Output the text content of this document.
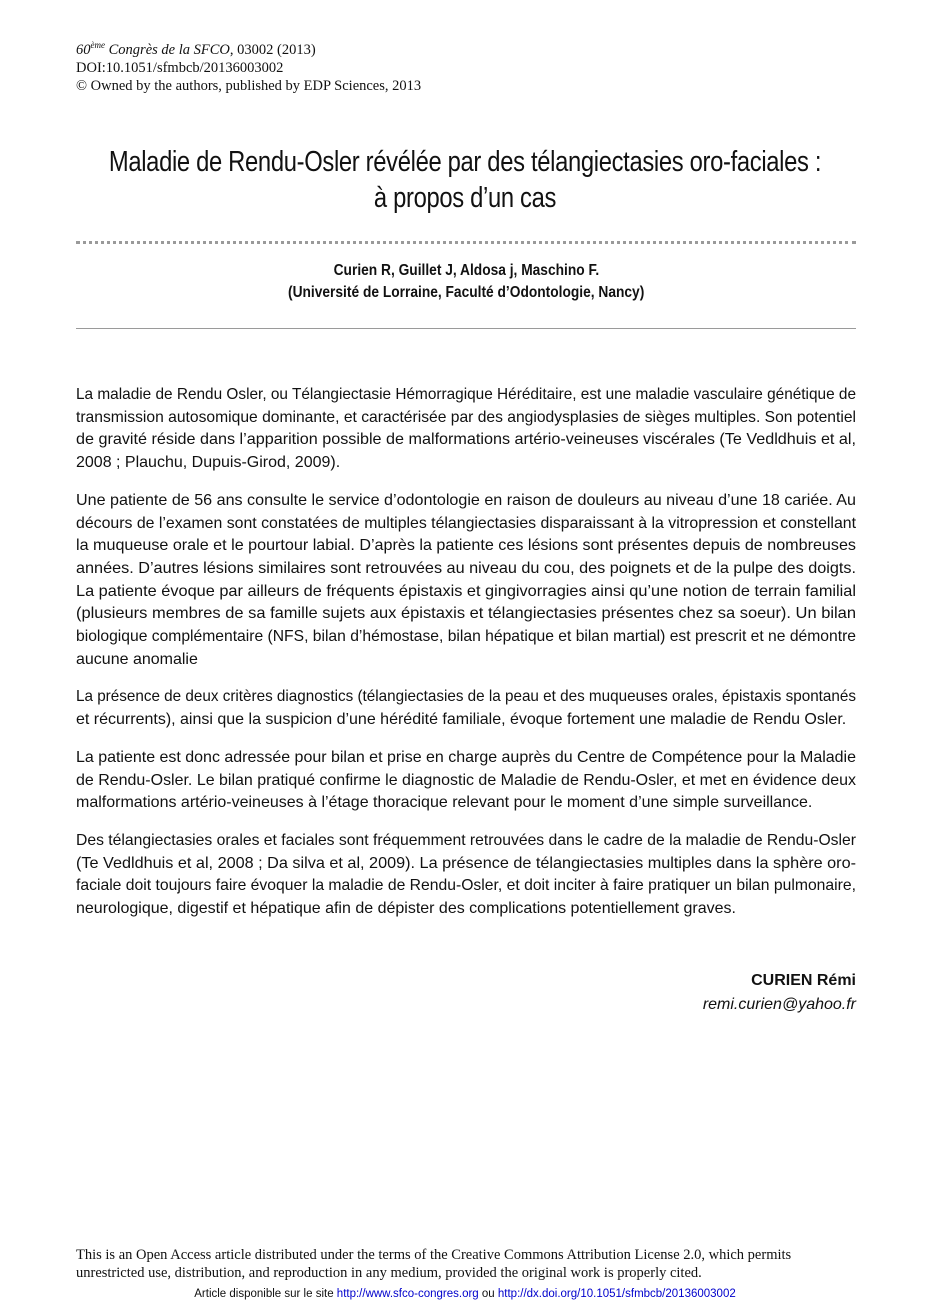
60ème Congrès de la SFCO, 03002 (2013)
DOI:10.1051/sfmbcb/20136003002
© Owned by the authors, published by EDP Sciences, 2013
Maladie de Rendu-Osler révélée par des télangiectasies oro-faciales :
à propos d’un cas
Curien R, Guillet J, Aldosa j, Maschino F.
(Université de Lorraine, Faculté d’Odontologie, Nancy)
La maladie de Rendu Osler, ou Télangiectasie Hémorragique Héréditaire, est une maladie vasculaire génétique de
transmission autosomique dominante, et caractérisée par des angiodysplasies de sièges multiples. Son potentiel
de gravité réside dans l’apparition possible de malformations artério-veineuses viscérales (Te Vedldhuis et al,
2008 ; Plauchu, Dupuis-Girod, 2009).
Une patiente de 56 ans consulte le service d’odontologie en raison de douleurs au niveau d’une 18 cariée. Au
décours de l’examen sont constatées de multiples télangiectasies disparaissant à la vitropression et constellant
la muqueuse orale et le pourtour labial. D’après la patiente ces lésions sont présentes depuis de nombreuses
années. D’autres lésions similaires sont retrouvées au niveau du cou, des poignets et de la pulpe des doigts.
La patiente évoque par ailleurs de fréquents épistaxis et gingivorragies ainsi qu’une notion de terrain familial
(plusieurs membres de sa famille sujets aux épistaxis et télangiectasies présentes chez sa soeur). Un bilan
biologique complémentaire (NFS, bilan d’hémostase, bilan hépatique et bilan martial) est prescrit et ne démontre
aucune anomalie
La présence de deux critères diagnostics (télangiectasies de la peau et des muqueuses orales, épistaxis spontanés
et récurrents), ainsi que la suspicion d’une hérédité familiale, évoque fortement une maladie de Rendu Osler.
La patiente est donc adressée pour bilan et prise en charge auprès du Centre de Compétence pour la Maladie
de Rendu-Osler. Le bilan pratiqué confirme le diagnostic de Maladie de Rendu-Osler, et met en évidence deux
malformations artério-veineuses à l’étage thoracique relevant pour le moment d’une simple surveillance.
Des télangiectasies orales et faciales sont fréquemment retrouvées dans le cadre de la maladie de Rendu-Osler
(Te Vedldhuis et al, 2008 ; Da silva et al, 2009). La présence de télangiectasies multiples dans la sphère oro-
faciale doit toujours faire évoquer la maladie de Rendu-Osler, et doit inciter à faire pratiquer un bilan pulmonaire,
neurologique, digestif et hépatique afin de dépister des complications potentiellement graves.
CURIEN Rémi
remi.curien@yahoo.fr
This is an Open Access article distributed under the terms of the Creative Commons Attribution License 2.0, which permits
unrestricted use, distribution, and reproduction in any medium, provided the original work is properly cited.
Article disponible sur le site http://www.sfco-congres.org ou http://dx.doi.org/10.1051/sfmbcb/20136003002
